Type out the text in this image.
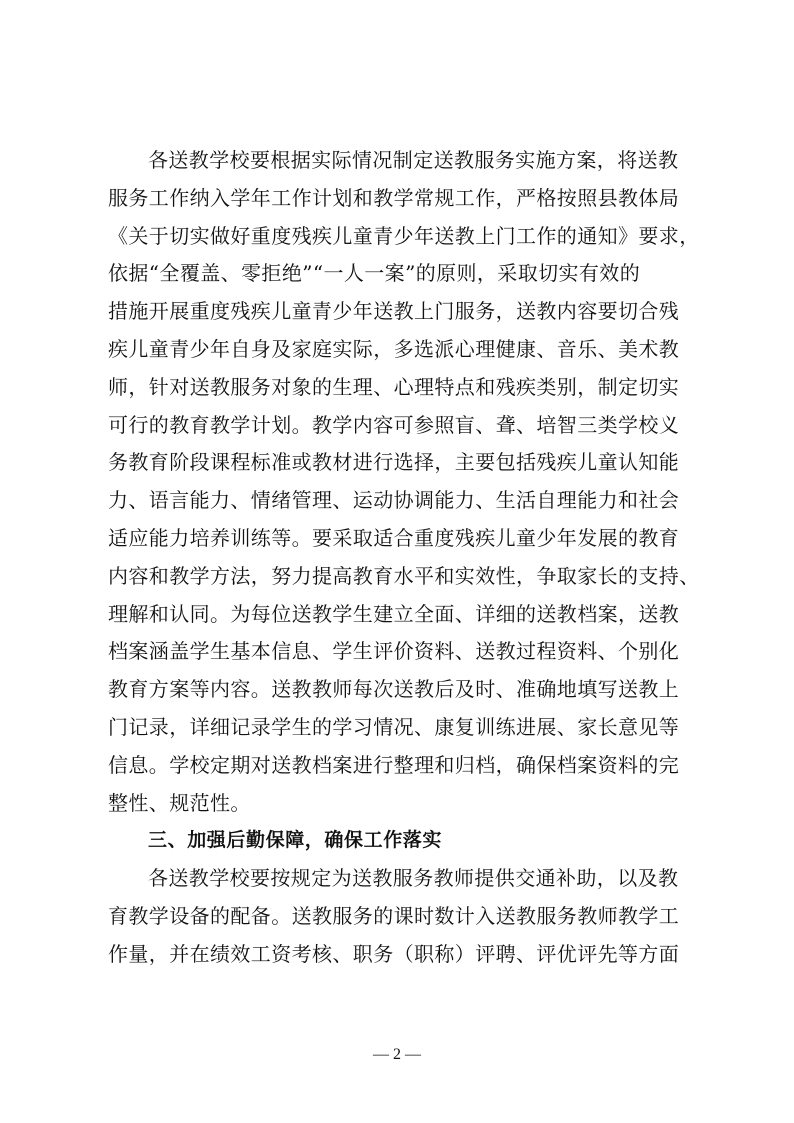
各送教学校要根据实际情况制定送教服务实施方案，将送教
服务工作纳入学年工作计划和教学常规工作，严格按照县教体局
《关于切实做好重度残疾儿童青少年送教上门工作的通知》要求，
依据“全覆盖、零拒绝”“一人一案”的原则，采取切实有效的
措施开展重度残疾儿童青少年送教上门服务，送教内容要切合残
疾儿童青少年自身及家庭实际，多选派心理健康、音乐、美术教
师，针对送教服务对象的生理、心理特点和残疾类别，制定切实
可行的教育教学计划。教学内容可参照盲、聋、培智三类学校义
务教育阶段课程标准或教材进行选择，主要包括残疾儿童认知能
力、语言能力、情绪管理、运动协调能力、生活自理能力和社会
适应能力培养训练等。要采取适合重度残疾儿童少年发展的教育
内容和教学方法，努力提高教育水平和实效性，争取家长的支持、
理解和认同。为每位送教学生建立全面、详细的送教档案，送教
档案涵盖学生基本信息、学生评价资料、送教过程资料、个别化
教育方案等内容。送教教师每次送教后及时、准确地填写送教上
门记录，详细记录学生的学习情况、康复训练进展、家长意见等
信息。学校定期对送教档案进行整理和归档，确保档案资料的完
整性、规范性。
三、加强后勤保障，确保工作落实
各送教学校要按规定为送教服务教师提供交通补助，以及教
育教学设备的配备。送教服务的课时数计入送教服务教师教学工
作量，并在绩效工资考核、职务（职称）评聘、评优评先等方面
— 2 —
